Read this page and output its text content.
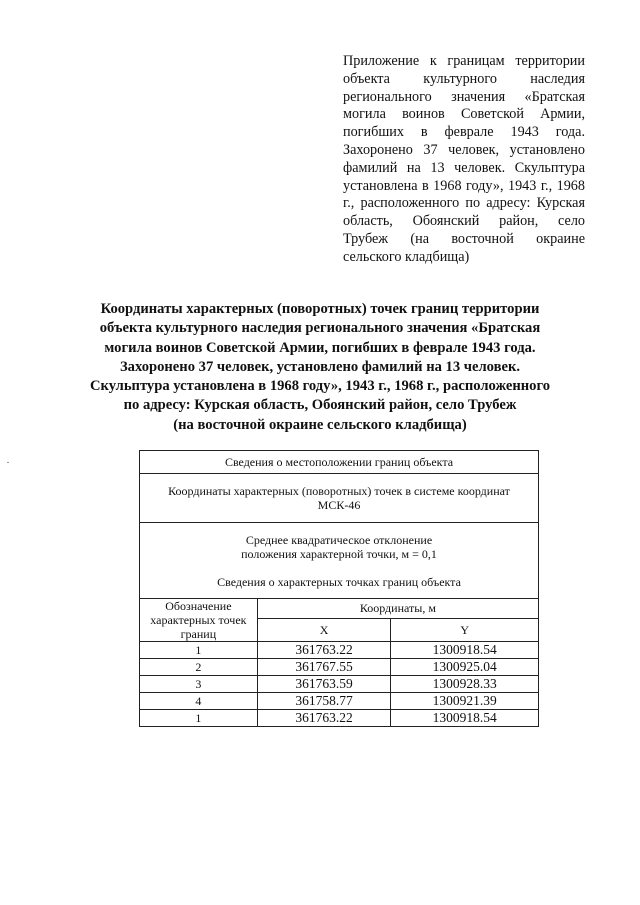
Приложение к границам территории объекта культурного наследия регионального значения «Братская могила воинов Советской Армии, погибших в феврале 1943 года. Захоронено 37 человек, установлено фамилий на 13 человек. Скульптура установлена в 1968 году», 1943 г., 1968 г., расположенного по адресу: Курская область, Обоянский район, село Трубеж (на восточной окраине сельского кладбища)
Координаты характерных (поворотных) точек границ территории
объекта культурного наследия регионального значения «Братская
могила воинов Советской Армии, погибших в феврале 1943 года.
Захоронено 37 человек, установлено фамилий на 13 человек.
Скульптура установлена в 1968 году», 1943 г., 1968 г., расположенного
по адресу: Курская область, Обоянский район, село Трубеж
(на восточной окраине сельского кладбища)
Сведения о местоположении границ объекта		
Координаты характерных (поворотных) точек в системе координат
МСК-46		

Среднее квадратическое отклонение
положения характерной точки, м = 0,1
Сведения о характерных точках границ объекта		

Обозначение характерных точек границ	Координаты, м	
	X	Y
1	361763.22	1300918.54
2	361767.55	1300925.04
3	361763.59	1300928.33
4	361758.77	1300921.39
1	361763.22	1300918.54
